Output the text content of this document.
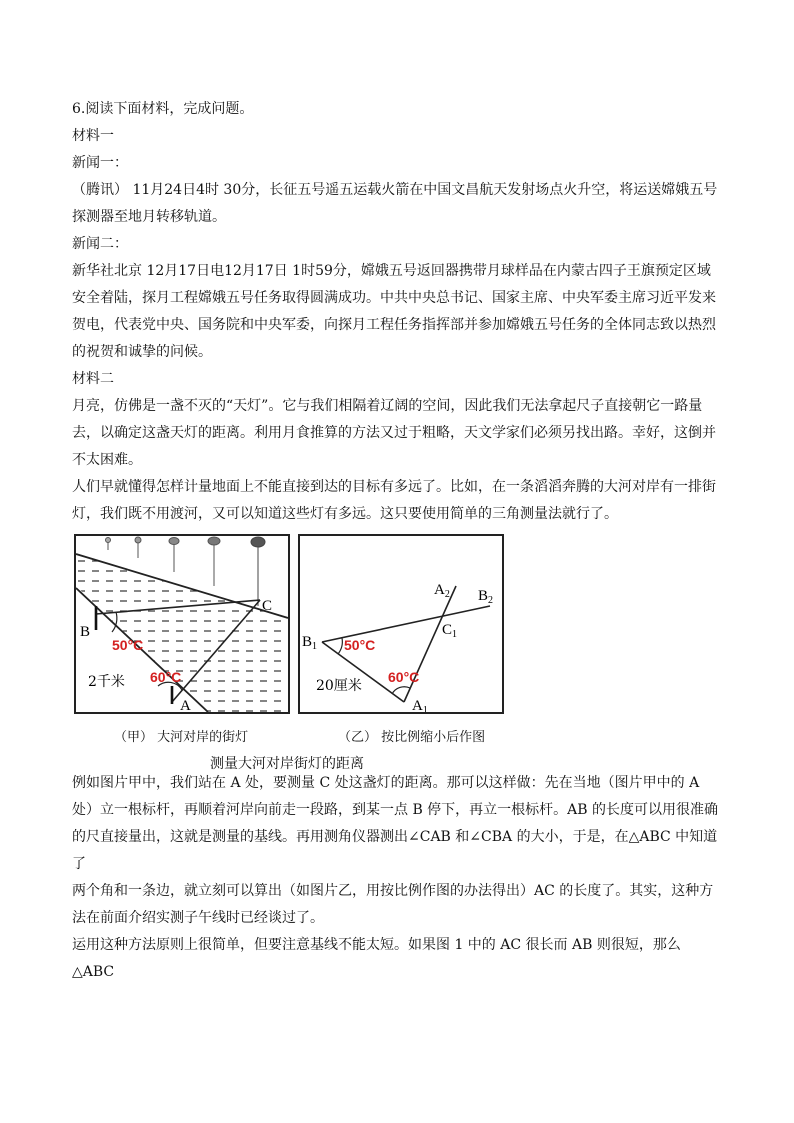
6.阅读下面材料，完成问题。

材料一

新闻一：

（腾讯） 11月24日4时 30分，长征五号遥五运载火箭在中国文昌航天发射场点火升空，将运送嫦娥五号

探测器至地月转移轨道。

新闻二：

新华社北京 12月17日电12月17日 1时59分，嫦娥五号返回器携带月球样品在内蒙古四子王旗预定区域

安全着陆，探月工程嫦娥五号任务取得圆满成功。中共中央总书记、国家主席、中央军委主席习近平发来

贺电，代表党中央、国务院和中央军委，向探月工程任务指挥部并参加嫦娥五号任务的全体同志致以热烈

的祝贺和诚挚的问候。

材料二

月亮，仿佛是一盏不灭的“天灯”。它与我们相隔着辽阔的空间，因此我们无法拿起尺子直接朝它一路量

去，以确定这盏天灯的距离。利用月食推算的方法又过于粗略，天文学家们必须另找出路。幸好，这倒并

不太困难。

人们早就懂得怎样计量地面上不能直接到达的目标有多远了。比如，在一条滔滔奔腾的大河对岸有一排街

灯，我们既不用渡河，又可以知道这些灯有多远。这只要使用简单的三角测量法就行了。

B
C
A
50°C
60°C
2千米
（甲） 大河对岸的街灯
$A_2$ $B_2$
$C_1$
$B_1$
$A_1$
50°C
60°C
20厘米
（乙） 按比例缩小后作图
测量大河对岸街灯的距离

例如图片甲中，我们站在 A 处，要测量 C 处这盏灯的距离。那可以这样做：先在当地（图片甲中的 A

处）立一根标杆，再顺着河岸向前走一段路，到某一点 B 停下，再立一根标杆。AB 的长度可以用很准确

的尺直接量出，这就是测量的基线。再用测角仪器测出∠CAB 和∠CBA 的大小，于是，在△ABC 中知道了

两个角和一条边，就立刻可以算出（如图片乙，用按比例作图的办法得出）AC 的长度了。其实，这种方

法在前面介绍实测子午线时已经谈过了。

运用这种方法原则上很简单，但要注意基线不能太短。如果图 1 中的 AC 很长而 AB 则很短，那么△ABC
